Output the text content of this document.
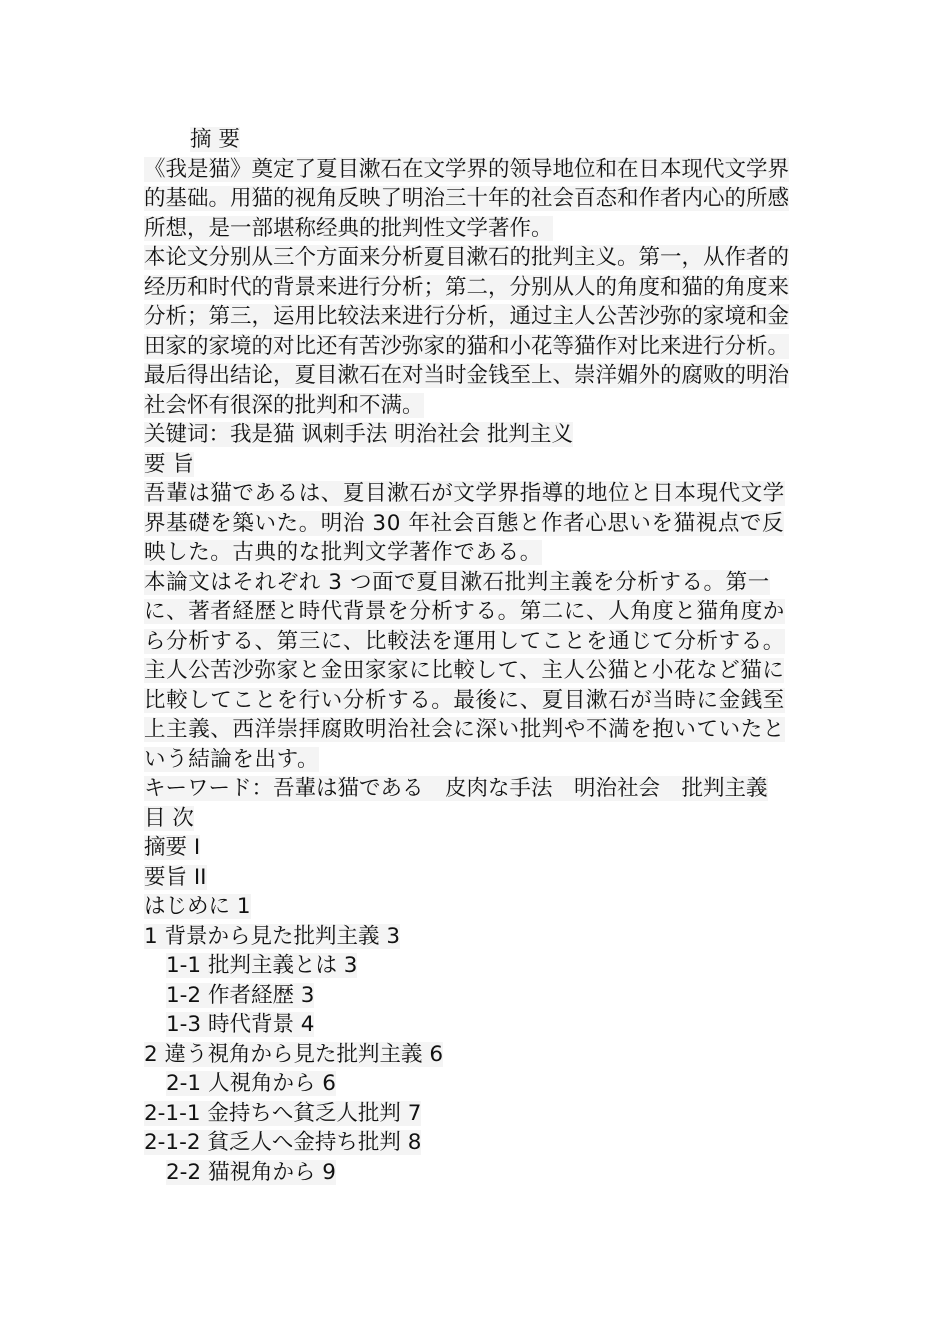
摘 要
《我是猫》奠定了夏目漱石在文学界的领导地位和在日本现代文学界的基础。用猫的视角反映了明治三十年的社会百态和作者内心的所感所想，是一部堪称经典的批判性文学著作。
本论文分别从三个方面来分析夏目漱石的批判主义。第一，从作者的经历和时代的背景来进行分析；第二，分别从人的角度和猫的角度来分析；第三，运用比较法来进行分析，通过主人公苦沙弥的家境和金田家的家境的对比还有苦沙弥家的猫和小花等猫作对比来进行分析。最后得出结论，夏目漱石在对当时金钱至上、崇洋媚外的腐败的明治社会怀有很深的批判和不满。
关键词：我是猫 讽刺手法 明治社会 批判主义
要 旨
吾輩は猫であるは、夏目漱石が文学界指導的地位と日本現代文学界基礎を築いた。明治 30 年社会百態と作者心思いを猫視点で反映した。古典的な批判文学著作である。
本論文はそれぞれ 3 つ面で夏目漱石批判主義を分析する。第一に、著者経歴と時代背景を分析する。第二に、人角度と猫角度から分析する、第三に、比較法を運用してことを通じて分析する。主人公苦沙弥家と金田家家に比較して、主人公猫と小花など猫に比較してことを行い分析する。最後に、夏目漱石が当時に金銭至上主義、西洋崇拝腐敗明治社会に深い批判や不満を抱いていたという結論を出す。
キーワード：吾輩は猫である　皮肉な手法　明治社会　批判主義
目 次
摘要 I
要旨 II
はじめに 1
1 背景から見た批判主義 3
1-1 批判主義とは 3
1-2 作者経歴 3
1-3 時代背景 4
2 違う視角から見た批判主義 6
2-1 人視角から 6
2-1-1 金持ちへ貧乏人批判 7
2-1-2 貧乏人へ金持ち批判 8
2-2 猫視角から 9
